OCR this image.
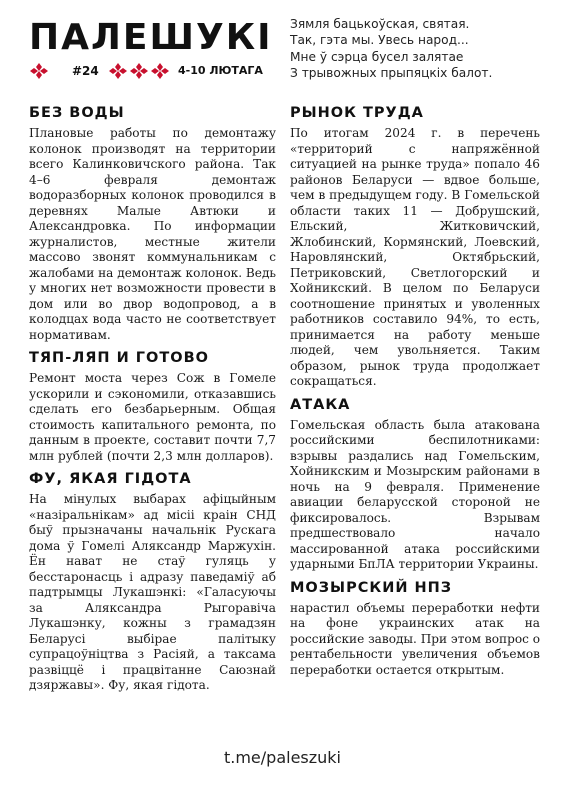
ПАЛЕШУКІ
#24	4-10 ЛЮТАГА
Зямля бацькоўская, святая.
Так, гэта мы. Увесь народ...
Мне ў сэрца бусел залятае
З трывожных прыпяцкіх балот.
БЕЗ ВОДЫ

Плановые работы по демонтажу колонок производят на территории всего Калинковичского района. Так 4–6 февраля демонтаж водоразборных колонок проводился в деревнях Малые Автюки и Александровка. По информации журналистов, местные жители массово звонят коммунальникам с жалобами на демонтаж колонок. Ведь у многих нет возможности провести в дом или во двор водопровод, а в колодцах вода часто не соответствует нормативам.

ТЯП-ЛЯП И ГОТОВО

Ремонт моста через Сож в Гомеле ускорили и сэкономили, отказавшись сделать его безбарьерным. Общая стоимость капитального ремонта, по данным в проекте, составит почти 7,7 млн рублей (почти 2,3 млн долларов).

ФУ, ЯКАЯ ГІДОТА

На мінулых выбарах афіцыйным «назіральнікам» ад місіі краін СНД быў прызначаны начальнік Рускага дома ў Гомелі Аляксандр Маржухін. Ён нават не стаў гуляць у бесстаронасць і адразу паведаміў аб падтрымцы Лукашэнкі: «Галасуючы за Аляксандра Рыгоравіча Лукашэнку, кожны з грамадзян Беларусі выбірае палітыку супрацоўніцтва з Расіяй, а таксама развіццё і працвітанне Саюзнай дзяржавы». Фу, якая гідота.

РЫНОК ТРУДА

По итогам 2024 г. в перечень «территорий с напряжённой ситуацией на рынке труда» попало 46 районов Беларуси — вдвое больше, чем в предыдущем году. В Гомельской области таких 11 — Добрушский, Ельский, Житковичский, Жлобинский, Кормянский, Лоевский, Наровлянский, Октябрьский, Петриковский, Светлогорский и Хойникский. В целом по Беларуси соотношение принятых и уволенных работников составило 94%, то есть, принимается на работу меньше людей, чем увольняется. Таким образом, рынок труда продолжает сокращаться.

АТАКА

Гомельская область была атакована российскими беспилотниками: взрывы раздались над Гомельским, Хойникским и Мозырским районами в ночь на 9 февраля. Применение авиации беларусской стороной не фиксировалось. Взрывам предшествовало начало массированной атака российскими ударными БпЛА территории Украины.

МОЗЫРСКИЙ НПЗ

нарастил объемы переработки нефти на фоне украинских атак на российские заводы. При этом вопрос о рентабельности увеличения объемов переработки остается открытым.

t.me/paleszuki
